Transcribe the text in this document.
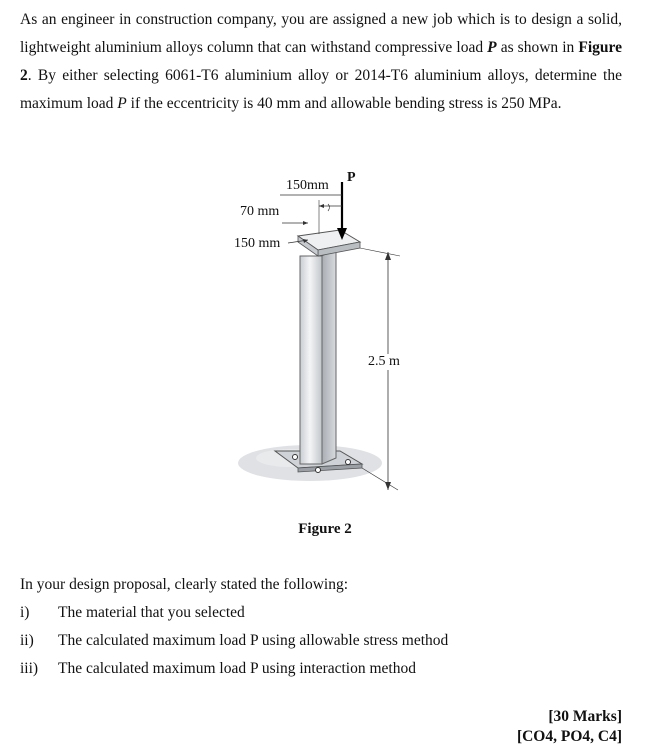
As an engineer in construction company, you are assigned a new job which is to design a solid, lightweight aluminium alloys column that can withstand compressive load P as shown in Figure 2. By either selecting 6061-T6 aluminium alloy or 2014-T6 aluminium alloys, determine the maximum load P if the eccentricity is 40 mm and allowable bending stress is 250 MPa.
150mm
P
70 mm
150 mm
2.5 m
Figure 2
In your design proposal, clearly stated the following:
i) The material that you selected
ii) The calculated maximum load P using allowable stress method
iii) The calculated maximum load P using interaction method
[30 Marks]
[CO4, PO4, C4]
